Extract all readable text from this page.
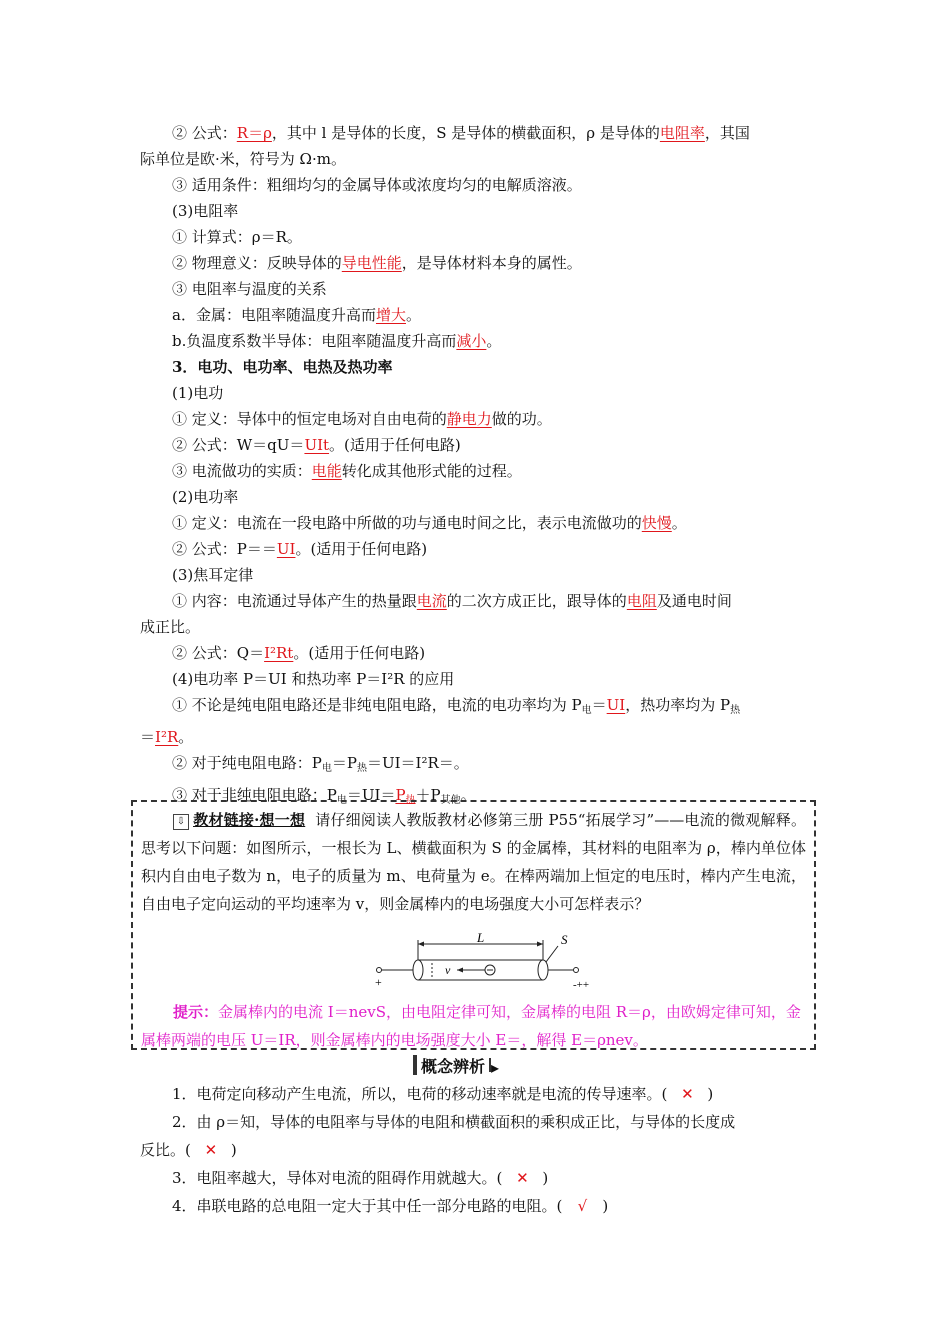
② 公式：R＝ρ，其中 l 是导体的长度，S 是导体的横截面积，ρ 是导体的电阻率，其国
际单位是欧·米，符号为 Ω·m。
③ 适用条件：粗细均匀的金属导体或浓度均匀的电解质溶液。
(3)电阻率
① 计算式：ρ＝R。
② 物理意义：反映导体的导电性能，是导体材料本身的属性。
③ 电阻率与温度的关系
a．金属：电阻率随温度升高而增大。
b.负温度系数半导体：电阻率随温度升高而减小。
3．电功、电功率、电热及热功率
(1)电功
① 定义：导体中的恒定电场对自由电荷的静电力做的功。
② 公式：W＝qU＝UIt。(适用于任何电路)
③ 电流做功的实质：电能转化成其他形式能的过程。
(2)电功率
① 定义：电流在一段电路中所做的功与通电时间之比，表示电流做功的快慢。
② 公式：P＝＝UI。(适用于任何电路)
(3)焦耳定律
① 内容：电流通过导体产生的热量跟电流的二次方成正比，跟导体的电阻及通电时间
成正比。
② 公式：Q＝I²Rt。(适用于任何电路)
(4)电功率 P＝UI 和热功率 P＝I²R 的应用
① 不论是纯电阻电路还是非纯电阻电路，电流的电功率均为 $P_电=UI$，热功率均为 $P_热$
＝I²R。
② 对于纯电阻电路：$P_电=P_热=UI=I^2R=$。
③ 对于非纯电阻电路：$P_电=UI=P_热+P_{其他}$。
⇩ 教材链接·想一想 请仔细阅读人教版教材必修第三册 P55“拓展学习”——电流的微观解释。思考以下问题：如图所示，一根长为 L、横截面积为 S 的金属棒，其材料的电阻率为 ρ，棒内单位体积内自由电子数为 n，电子的质量为 m、电荷量为 e。在棒两端加上恒定的电压时，棒内产生电流，自由电子定向运动的平均速率为 v，则金属棒内的电场强度大小可怎样表示？
L
+	-++
v
S
提示：金属棒内的电流 I＝nevS，由电阻定律可知，金属棒的电阻 R＝ρ，由欧姆定律可知，金属棒两端的电压 U＝IR，则金属棒内的电场强度大小 E＝，解得 E＝ρnev。
概念辨析 ▸
1．电荷定向移动产生电流，所以，电荷的移动速率就是电流的传导速率。( ✕ )
2．由 ρ＝知，导体的电阻率与导体的电阻和横截面积的乘积成正比，与导体的长度成
反比。( ✕ )
3．电阻率越大，导体对电流的阻碍作用就越大。( ✕ )
4．串联电路的总电阻一定大于其中任一部分电路的电阻。( √ )
